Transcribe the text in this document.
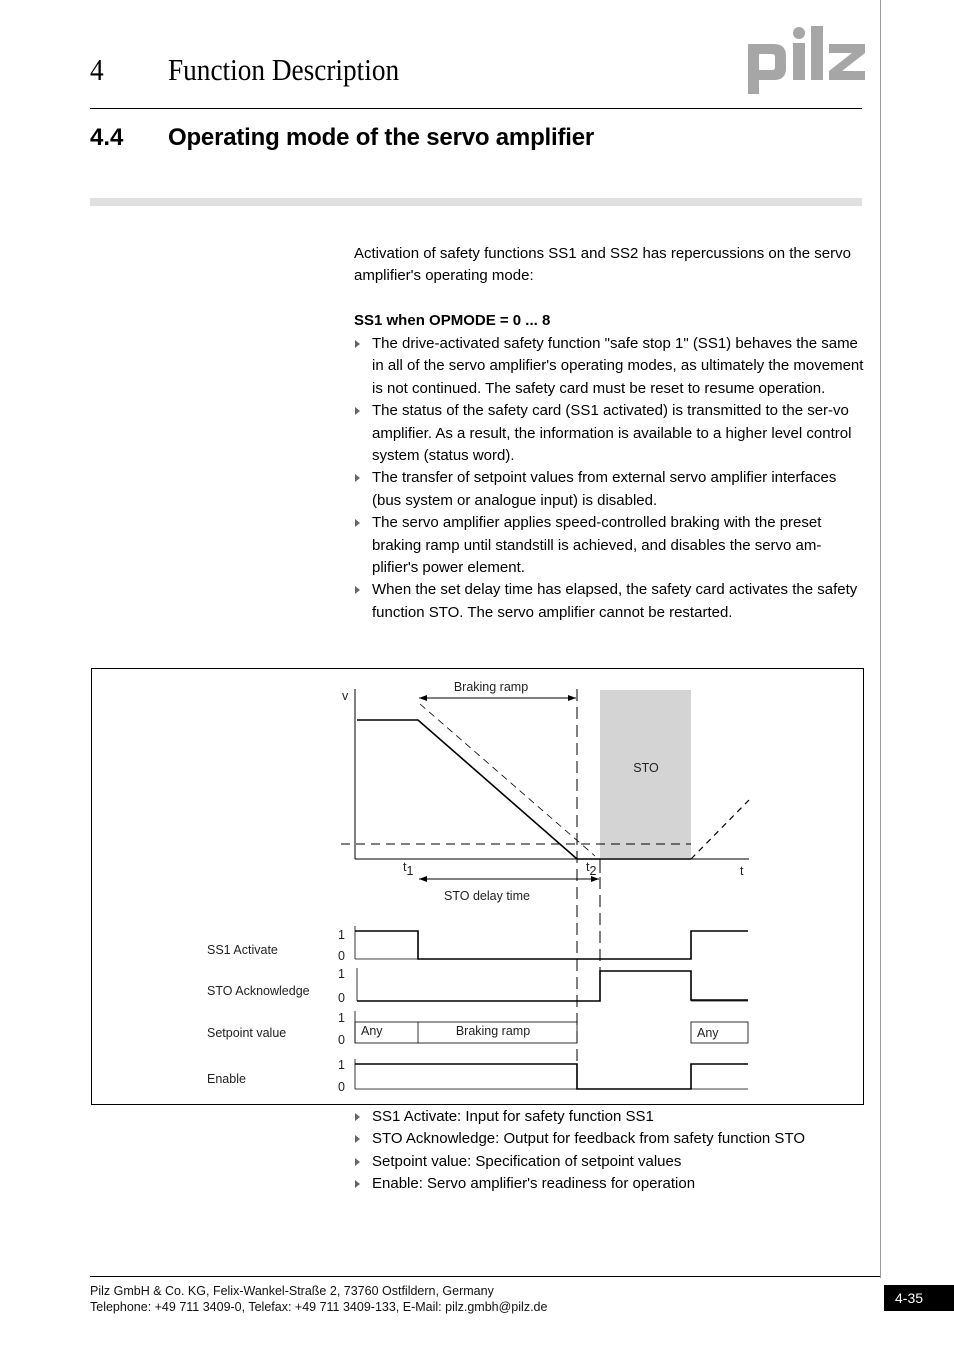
4 Function Description
4.4 Operating mode of the servo amplifier
Activation of safety functions SS1 and SS2 has repercussions on the servo amplifier's operating mode:
SS1 when OPMODE = 0 ... 8
The drive-activated safety function "safe stop 1" (SS1) behaves the same in all of the servo amplifier's operating modes, as ultimately the movement is not continued. The safety card must be reset to resume operation.
The status of the safety card (SS1 activated) is transmitted to the ser-vo amplifier. As a result, the information is available to a higher level control system (status word).
The transfer of setpoint values from external servo amplifier interfaces (bus system or analogue input) is disabled.
The servo amplifier applies speed-controlled braking with the preset braking ramp until standstill is achieved, and disables the servo am-plifier's power element.
When the set delay time has elapsed, the safety card activates the safety function STO. The servo amplifier cannot be restarted.
STO
v
t
Braking ramp
t1	t2
STO delay time
SS1 Activate
STO Acknowledge
Setpoint value
Enable
1
0
1
0
1
0
1
0
Any	Braking ramp	Any
SS1 Activate: Input for safety function SS1
STO Acknowledge: Output for feedback from safety function STO
Setpoint value: Specification of setpoint values
Enable: Servo amplifier's readiness for operation
Pilz GmbH & Co. KG, Felix-Wankel-Straße 2, 73760 Ostfildern, Germany
Telephone: +49 711 3409-0, Telefax: +49 711 3409-133, E-Mail: pilz.gmbh@pilz.de
4-35
